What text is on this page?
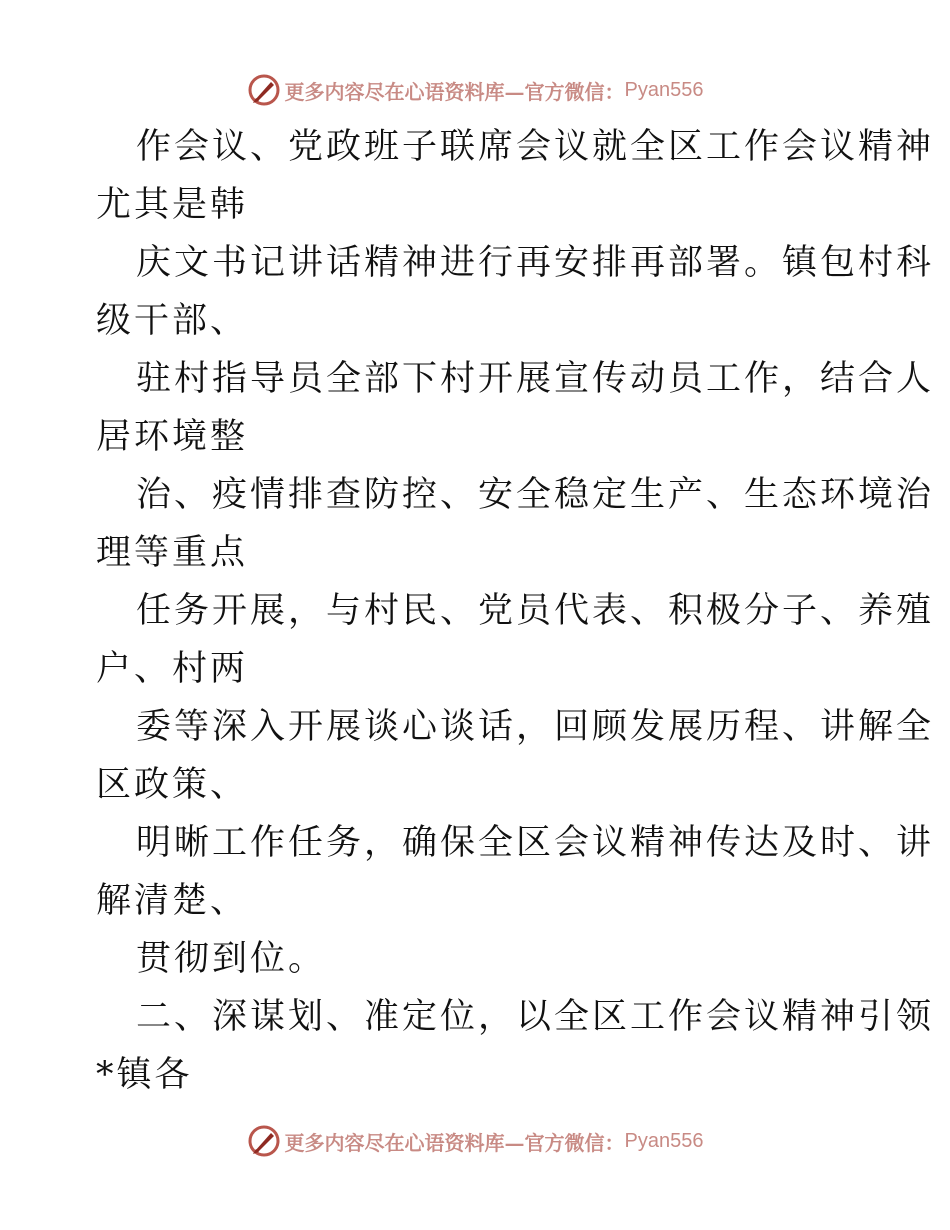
更多内容尽在心语资料库—官方微信： Pyan556

作会议、党政班子联席会议就全区工作会议精神

尤其是韩

庆文书记讲话精神进行再安排再部署。镇包村科

级干部、

驻村指导员全部下村开展宣传动员工作，结合人

居环境整

治、疫情排查防控、安全稳定生产、生态环境治

理等重点

任务开展，与村民、党员代表、积极分子、养殖

户、村两

委等深入开展谈心谈话，回顾发展历程、讲解全

区政策、

明晰工作任务，确保全区会议精神传达及时、讲

解清楚、

贯彻到位。

二、深谋划、准定位，以全区工作会议精神引领

*镇各

更多内容尽在心语资料库—官方微信： Pyan556
